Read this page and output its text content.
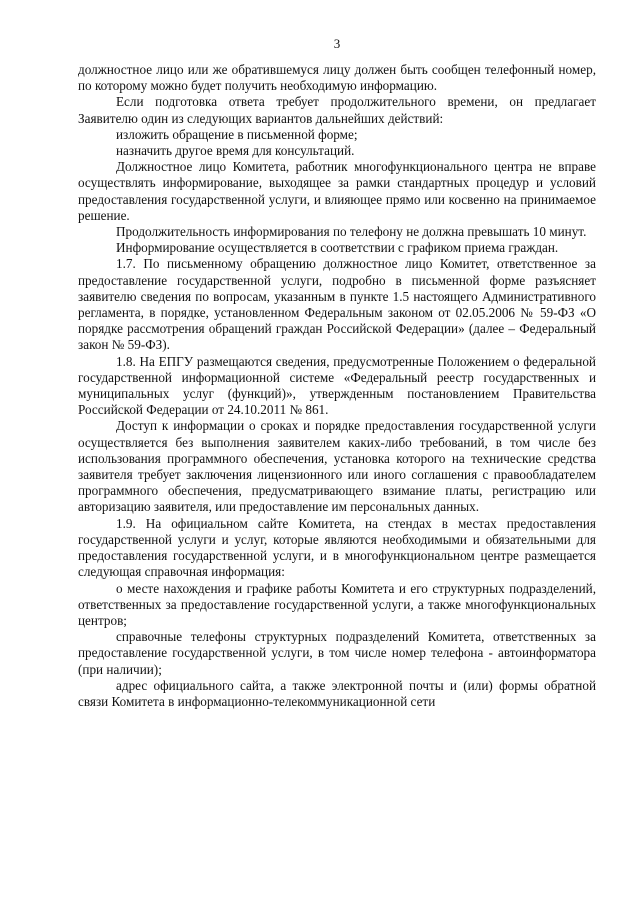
3

должностное лицо или же обратившемуся лицу должен быть сообщен телефонный номер, по которому можно будет получить необходимую информацию.

Если подготовка ответа требует продолжительного времени, он предлагает Заявителю один из следующих вариантов дальнейших действий:

изложить обращение в письменной форме;

назначить другое время для консультаций.

Должностное лицо Комитета, работник многофункционального центра не вправе осуществлять информирование, выходящее за рамки стандартных процедур и условий предоставления государственной услуги, и влияющее прямо или косвенно на принимаемое решение.

Продолжительность информирования по телефону не должна превышать 10 минут.

Информирование осуществляется в соответствии с графиком приема граждан.

1.7. По письменному обращению должностное лицо Комитет, ответственное за предоставление государственной услуги, подробно в письменной форме разъясняет заявителю сведения по вопросам, указанным в пункте 1.5 настоящего Административного регламента, в порядке, установленном Федеральным законом от 02.05.2006 № 59-ФЗ «О порядке рассмотрения обращений граждан Российской Федерации» (далее – Федеральный закон № 59-ФЗ).

1.8. На ЕПГУ размещаются сведения, предусмотренные Положением о федеральной государственной информационной системе «Федеральный реестр государственных и муниципальных услуг (функций)», утвержденным постановлением Правительства Российской Федерации от 24.10.2011 № 861.

Доступ к информации о сроках и порядке предоставления государственной услуги осуществляется без выполнения заявителем каких-либо требований, в том числе без использования программного обеспечения, установка которого на технические средства заявителя требует заключения лицензионного или иного соглашения с правообладателем программного обеспечения, предусматривающего взимание платы, регистрацию или авторизацию заявителя, или предоставление им персональных данных.

1.9. На официальном сайте Комитета, на стендах в местах предоставления государственной услуги и услуг, которые являются необходимыми и обязательными для предоставления государственной услуги, и в многофункциональном центре размещается следующая справочная информация:

о месте нахождения и графике работы Комитета и его структурных подразделений, ответственных за предоставление государственной услуги, а также многофункциональных центров;

справочные телефоны структурных подразделений Комитета, ответственных за предоставление государственной услуги, в том числе номер телефона - автоинформатора (при наличии);

адрес официального сайта, а также электронной почты и (или) формы обратной связи Комитета в информационно-телекоммуникационной сети
